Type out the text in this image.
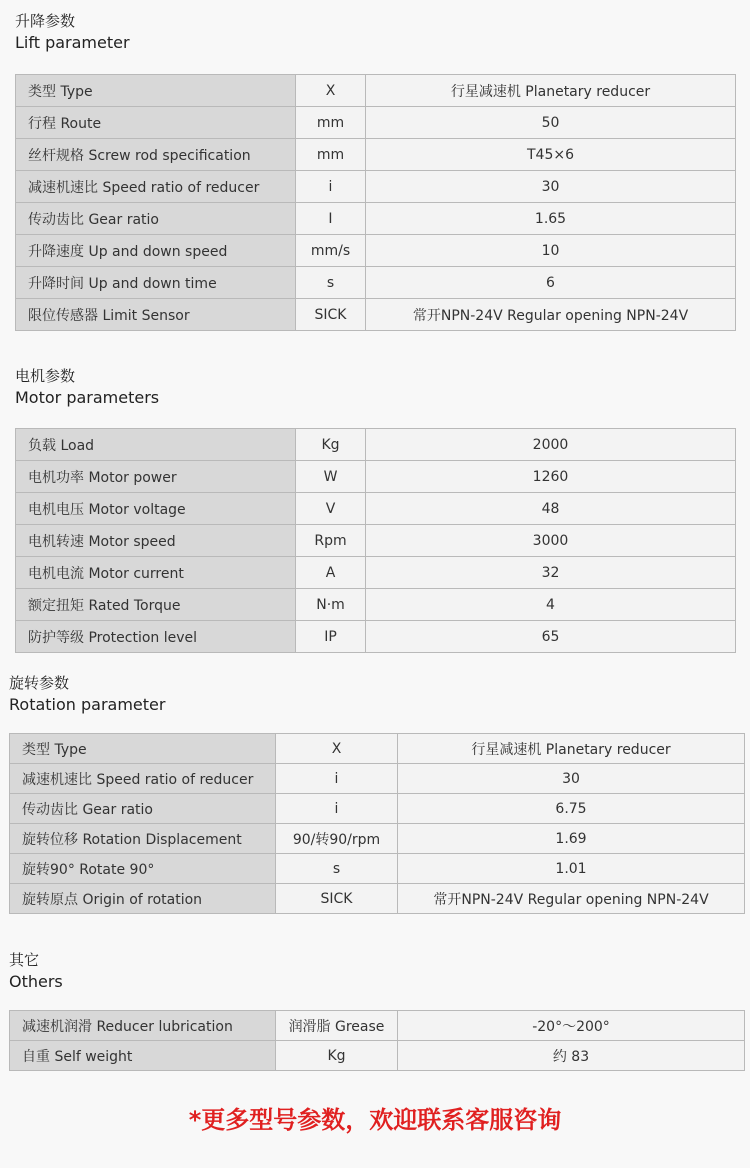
升降参数
Lift parameter
类型 Type	X	行星减速机 Planetary reducer
行程 Route	mm	50
丝杆规格 Screw rod specification	mm	T45×6
减速机速比 Speed ratio of reducer	i	30
传动齿比 Gear ratio	I	1.65
升降速度 Up and down speed	mm/s	10
升降时间 Up and down time	s	6
限位传感器 Limit Sensor	SICK	常开NPN-24V Regular opening NPN-24V
电机参数
Motor parameters
负载 Load	Kg	2000
电机功率 Motor power	W	1260
电机电压 Motor voltage	V	48
电机转速 Motor speed	Rpm	3000
电机电流 Motor current	A	32
额定扭矩 Rated Torque	N·m	4
防护等级 Protection level	IP	65
旋转参数
Rotation parameter
类型 Type	X	行星减速机 Planetary reducer
减速机速比 Speed ratio of reducer	i	30
传动齿比 Gear ratio	i	6.75
旋转位移 Rotation Displacement	90/转90/rpm	1.69
旋转90° Rotate 90°	s	1.01
旋转原点 Origin of rotation	SICK	常开NPN-24V Regular opening NPN-24V
其它
Others
减速机润滑 Reducer lubrication	润滑脂 Grease	-20°～200°
自重 Self weight	Kg	约 83
*更多型号参数，欢迎联系客服咨询
